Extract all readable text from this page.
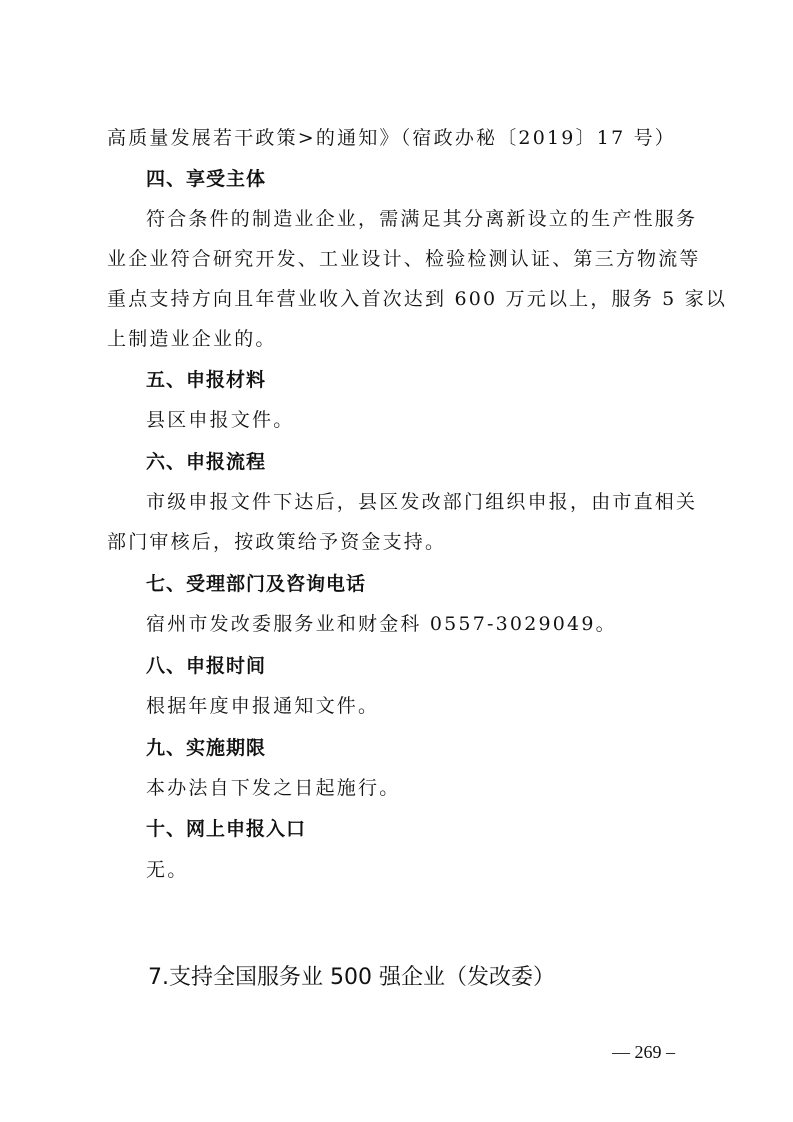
高质量发展若干政策>的通知》（宿政办秘〔2019〕17 号）

四、享受主体

符合条件的制造业企业，需满足其分离新设立的生产性服务

业企业符合研究开发、工业设计、检验检测认证、第三方物流等

重点支持方向且年营业收入首次达到 600 万元以上，服务 5 家以

上制造业企业的。

五、申报材料

县区申报文件。

六、申报流程

市级申报文件下达后，县区发改部门组织申报，由市直相关

部门审核后，按政策给予资金支持。

七、受理部门及咨询电话

宿州市发改委服务业和财金科 0557-3029049。

八、申报时间

根据年度申报通知文件。

九、实施期限

本办法自下发之日起施行。

十、网上申报入口

无。

7.支持全国服务业 500 强企业（发改委）

— 269 –
